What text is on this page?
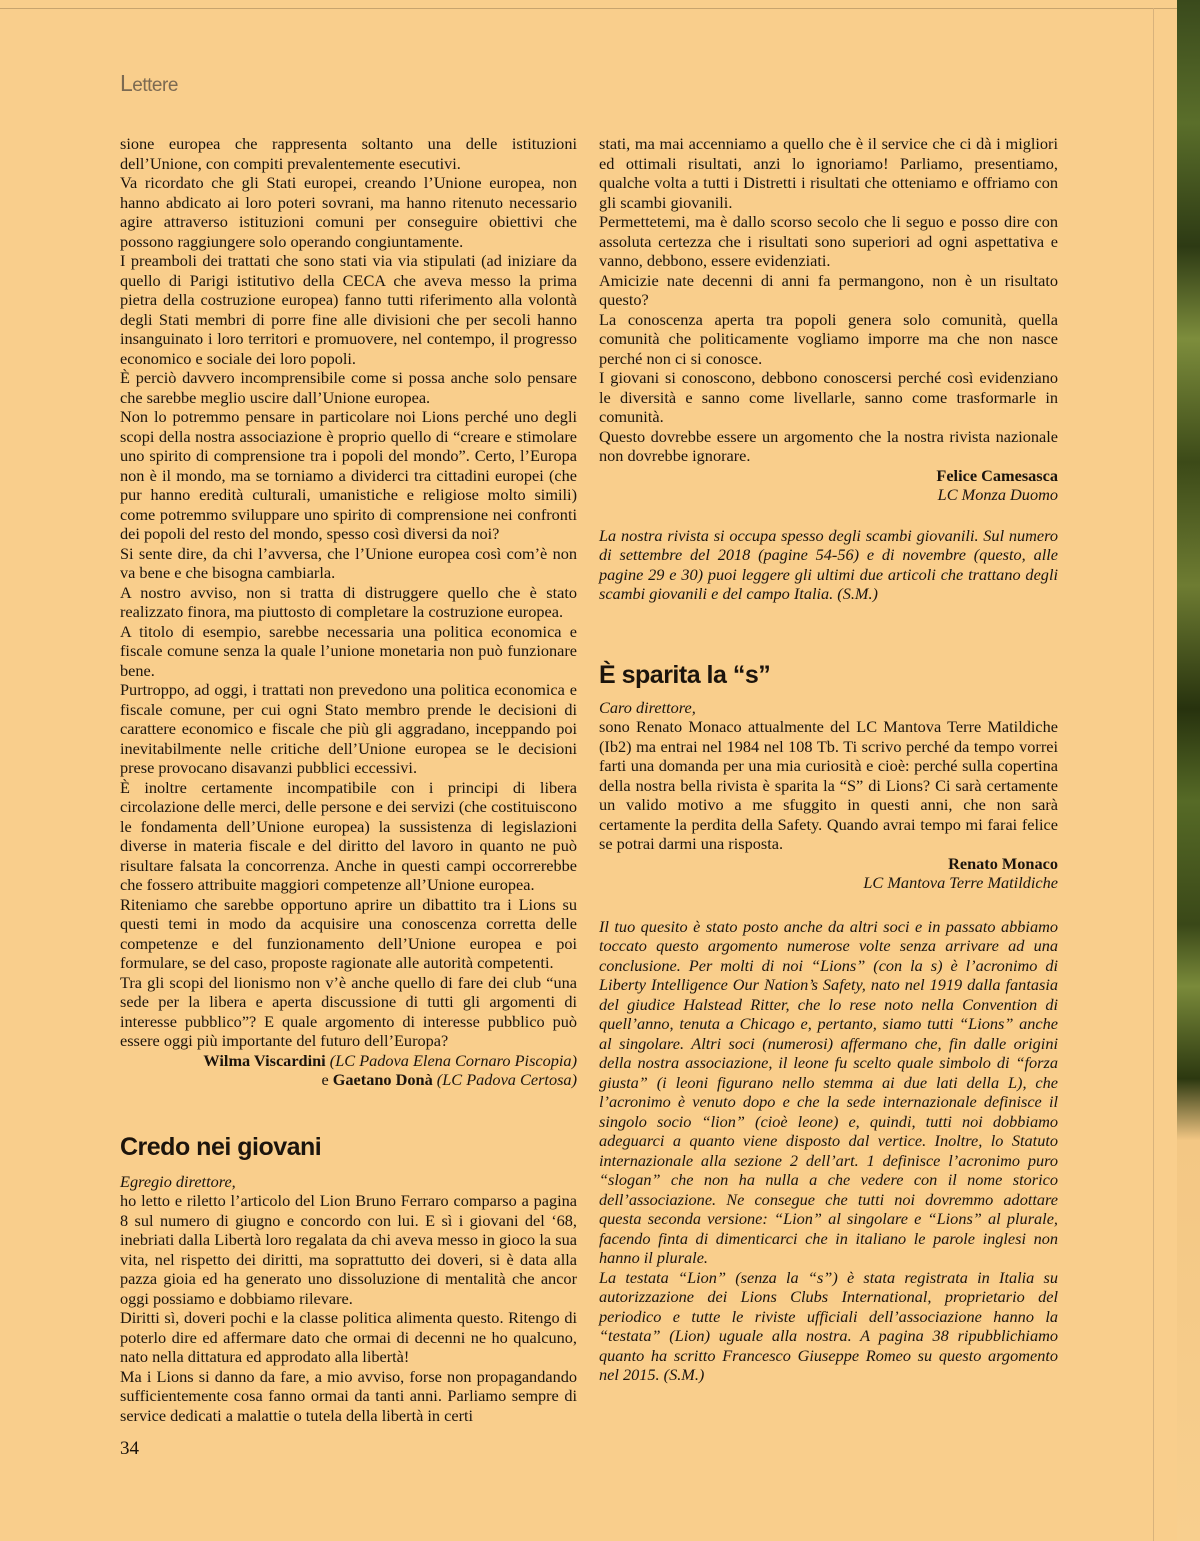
Lettere

sione europea che rappresenta soltanto una delle istituzioni dell’Unione, con compiti prevalentemente esecutivi.

Va ricordato che gli Stati europei, creando l’Unione europea, non hanno abdicato ai loro poteri sovrani, ma hanno ritenuto necessario agire attraverso istituzioni comuni per conseguire obiettivi che possono raggiungere solo operando congiuntamente.

I preamboli dei trattati che sono stati via via stipulati (ad iniziare da quello di Parigi istitutivo della CECA che aveva messo la prima pietra della costruzione europea) fanno tutti riferimento alla volontà degli Stati membri di porre fine alle divisioni che per secoli hanno insanguinato i loro territori e promuovere, nel contempo, il progresso economico e sociale dei loro popoli.

È perciò davvero incomprensibile come si possa anche solo pensare che sarebbe meglio uscire dall’Unione europea.

Non lo potremmo pensare in particolare noi Lions perché uno degli scopi della nostra associazione è proprio quello di “creare e stimolare uno spirito di comprensione tra i popoli del mondo”. Certo, l’Europa non è il mondo, ma se torniamo a dividerci tra cittadini europei (che pur hanno eredità culturali, umanistiche e religiose molto simili) come potremmo sviluppare uno spirito di comprensione nei confronti dei popoli del resto del mondo, spesso così diversi da noi?

Si sente dire, da chi l’avversa, che l’Unione europea così com’è non va bene e che bisogna cambiarla.

A nostro avviso, non si tratta di distruggere quello che è stato realizzato finora, ma piuttosto di completare la costruzione europea.

A titolo di esempio, sarebbe necessaria una politica economica e fiscale comune senza la quale l’unione monetaria non può funzionare bene.

Purtroppo, ad oggi, i trattati non prevedono una politica economica e fiscale comune, per cui ogni Stato membro prende le decisioni di carattere economico e fiscale che più gli aggradano, inceppando poi inevitabilmente nelle critiche dell’Unione europea se le decisioni prese provocano disavanzi pubblici eccessivi.

È inoltre certamente incompatibile con i principi di libera circolazione delle merci, delle persone e dei servizi (che costituiscono le fondamenta dell’Unione europea) la sussistenza di legislazioni diverse in materia fiscale e del diritto del lavoro in quanto ne può risultare falsata la concorrenza. Anche in questi campi occorrerebbe che fossero attribuite maggiori competenze all’Unione europea.

Riteniamo che sarebbe opportuno aprire un dibattito tra i Lions su questi temi in modo da acquisire una conoscenza corretta delle competenze e del funzionamento dell’Unione europea e poi formulare, se del caso, proposte ragionate alle autorità competenti.

Tra gli scopi del lionismo non v’è anche quello di fare dei club “una sede per la libera e aperta discussione di tutti gli argomenti di interesse pubblico”? E quale argomento di interesse pubblico può essere oggi più importante del futuro dell’Europa?

Wilma Viscardini (LC Padova Elena Cornaro Piscopia)

e Gaetano Donà (LC Padova Certosa)

Credo nei giovani

Egregio direttore,

ho letto e riletto l’articolo del Lion Bruno Ferraro comparso a pagina 8 sul numero di giugno e concordo con lui. E sì i giovani del ‘68, inebriati dalla Libertà loro regalata da chi aveva messo in gioco la sua vita, nel rispetto dei diritti, ma soprattutto dei doveri, si è data alla pazza gioia ed ha generato uno dissoluzione di mentalità che ancor oggi possiamo e dobbiamo rilevare.

Diritti sì, doveri pochi e la classe politica alimenta questo. Ritengo di poterlo dire ed affermare dato che ormai di decenni ne ho qualcuno, nato nella dittatura ed approdato alla libertà!

Ma i Lions si danno da fare, a mio avviso, forse non propagandando sufficientemente cosa fanno ormai da tanti anni. Parliamo sempre di service dedicati a malattie o tutela della libertà in certi

stati, ma mai accenniamo a quello che è il service che ci dà i migliori ed ottimali risultati, anzi lo ignoriamo! Parliamo, presentiamo, qualche volta a tutti i Distretti i risultati che otteniamo e offriamo con gli scambi giovanili.

Permettetemi, ma è dallo scorso secolo che li seguo e posso dire con assoluta certezza che i risultati sono superiori ad ogni aspettativa e vanno, debbono, essere evidenziati.

Amicizie nate decenni di anni fa permangono, non è un risultato questo?

La conoscenza aperta tra popoli genera solo comunità, quella comunità che politicamente vogliamo imporre ma che non nasce perché non ci si conosce.

I giovani si conoscono, debbono conoscersi perché così evidenziano le diversità e sanno come livellarle, sanno come trasformarle in comunità.

Questo dovrebbe essere un argomento che la nostra rivista nazionale non dovrebbe ignorare.

Felice Camesasca

LC Monza Duomo

La nostra rivista si occupa spesso degli scambi giovanili. Sul numero di settembre del 2018 (pagine 54-56) e di novembre (questo, alle pagine 29 e 30) puoi leggere gli ultimi due articoli che trattano degli scambi giovanili e del campo Italia. (S.M.)

È sparita la “s”

Caro direttore,

sono Renato Monaco attualmente del LC Mantova Terre Matildiche (Ib2) ma entrai nel 1984 nel 108 Tb. Ti scrivo perché da tempo vorrei farti una domanda per una mia curiosità e cioè: perché sulla copertina della nostra bella rivista è sparita la “S” di Lions? Ci sarà certamente un valido motivo a me sfuggito in questi anni, che non sarà certamente la perdita della Safety. Quando avrai tempo mi farai felice se potrai darmi una risposta.

Renato Monaco

LC Mantova Terre Matildiche

Il tuo quesito è stato posto anche da altri soci e in passato abbiamo toccato questo argomento numerose volte senza arrivare ad una conclusione. Per molti di noi “Lions” (con la s) è l’acronimo di Liberty Intelligence Our Nation’s Safety, nato nel 1919 dalla fantasia del giudice Halstead Ritter, che lo rese noto nella Convention di quell’anno, tenuta a Chicago e, pertanto, siamo tutti “Lions” anche al singolare. Altri soci (numerosi) affermano che, fin dalle origini della nostra associazione, il leone fu scelto quale simbolo di “forza giusta” (i leoni figurano nello stemma ai due lati della L), che l’acronimo è venuto dopo e che la sede internazionale definisce il singolo socio “lion” (cioè leone) e, quindi, tutti noi dobbiamo adeguarci a quanto viene disposto dal vertice. Inoltre, lo Statuto internazionale alla sezione 2 dell’art. 1 definisce l’acronimo puro “slogan” che non ha nulla a che vedere con il nome storico dell’associazione. Ne consegue che tutti noi dovremmo adottare questa seconda versione: “Lion” al singolare e “Lions” al plurale, facendo finta di dimenticarci che in italiano le parole inglesi non hanno il plurale.

La testata “Lion” (senza la “s”) è stata registrata in Italia su autorizzazione dei Lions Clubs International, proprietario del periodico e tutte le riviste ufficiali dell’associazione hanno la “testata” (Lion) uguale alla nostra. A pagina 38 ripubblichiamo quanto ha scritto Francesco Giuseppe Romeo su questo argomento nel 2015. (S.M.)

34
